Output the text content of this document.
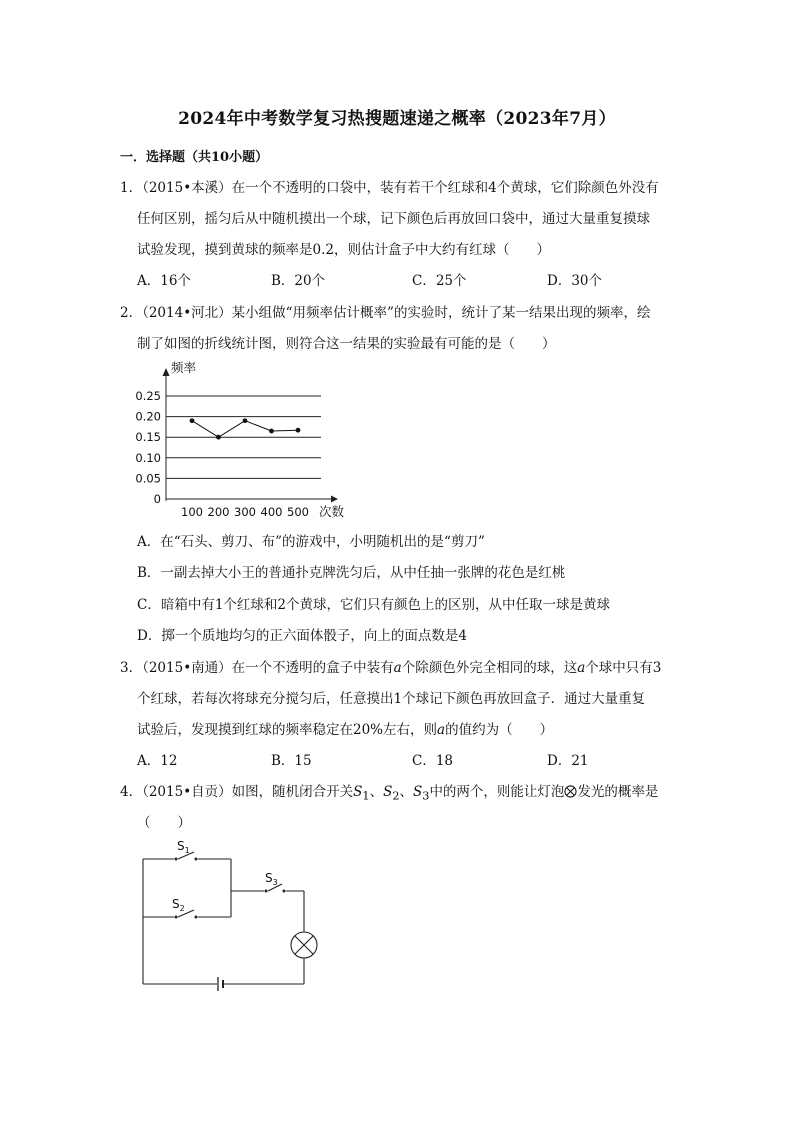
2024年中考数学复习热搜题速递之概率（2023年7月）
一．选择题（共10小题）
1．（2015•本溪）在一个不透明的口袋中，装有若干个红球和4个黄球，它们除颜色外没有
任何区别，摇匀后从中随机摸出一个球，记下颜色后再放回口袋中，通过大量重复摸球
试验发现，摸到黄球的频率是0.2，则估计盒子中大约有红球（　　）
A．16个	B．20个	C．25个	D．30个
2．（2014•河北）某小组做“用频率估计概率”的实验时，统计了某一结果出现的频率，绘
制了如图的折线统计图，则符合这一结果的实验最有可能的是（　　）
0.25
0.20
0.15
0.10
0.05
0
频率
次数
100 200 300 400 500
A．在“石头、剪刀、布”的游戏中，小明随机出的是“剪刀”
B．一副去掉大小王的普通扑克牌洗匀后，从中任抽一张牌的花色是红桃
C．暗箱中有1个红球和2个黄球，它们只有颜色上的区别，从中任取一球是黄球
D．掷一个质地均匀的正六面体骰子，向上的面点数是4
3．（2015•南通）在一个不透明的盒子中装有a个除颜色外完全相同的球，这a个球中只有3
个红球，若每次将球充分搅匀后，任意摸出1个球记下颜色再放回盒子．通过大量重复
试验后，发现摸到红球的频率稳定在20%左右，则a的值约为（　　）
A．12	B．15	C．18	D．21
4．（2015•自贡）如图，随机闭合开关$S_1$、$S_2$、$S_3$中的两个，则能让灯泡 发光的概率是
（　　）
$S_1$
$S_2$
$S_3$
